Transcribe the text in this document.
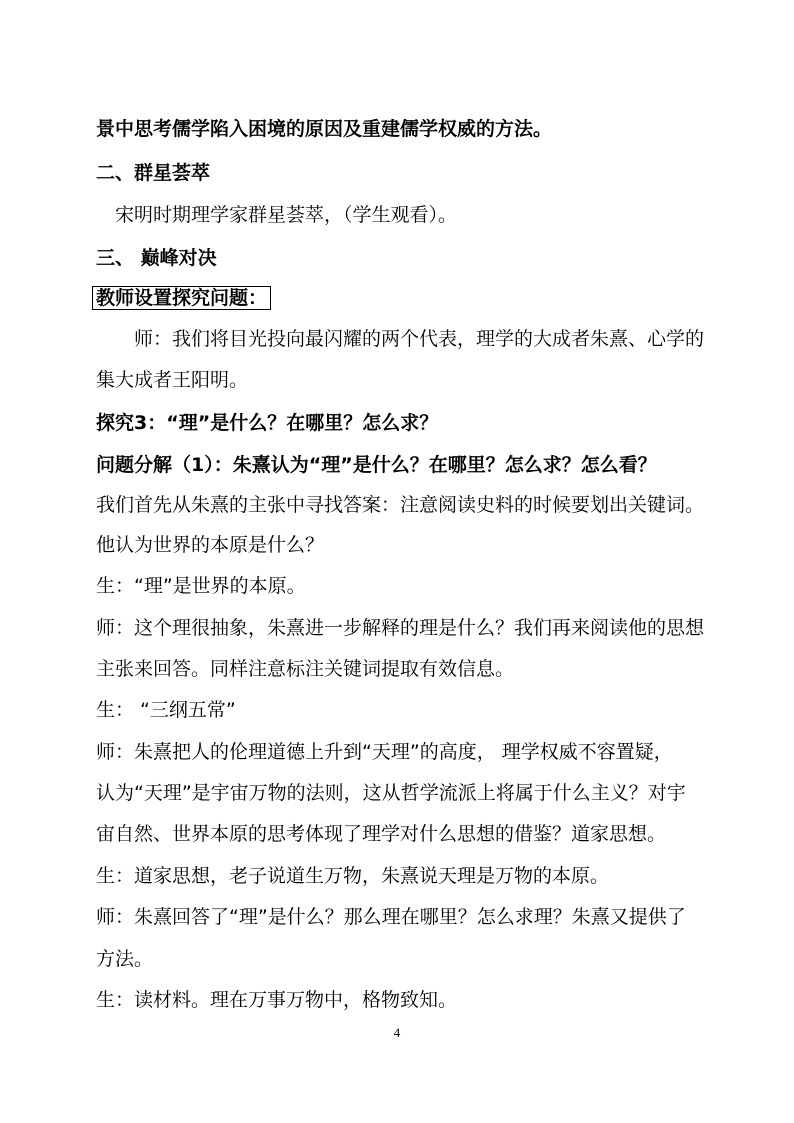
景中思考儒学陷入困境的原因及重建儒学权威的方法。
二、群星荟萃
宋明时期理学家群星荟萃，（学生观看）。
三、 巅峰对决
教师设置探究问题：
师：我们将目光投向最闪耀的两个代表，理学的大成者朱熹、心学的
集大成者王阳明。
探究3：“理”是什么？在哪里？怎么求？
问题分解（1）：朱熹认为“理”是什么？在哪里？怎么求？怎么看？
我们首先从朱熹的主张中寻找答案：注意阅读史料的时候要划出关键词。
他认为世界的本原是什么？
生：“理”是世界的本原。
师：这个理很抽象，朱熹进一步解释的理是什么？我们再来阅读他的思想
主张来回答。同样注意标注关键词提取有效信息。
生： “三纲五常”
师：朱熹把人的伦理道德上升到“天理”的高度， 理学权威不容置疑，
认为“天理”是宇宙万物的法则，这从哲学流派上将属于什么主义？对宇
宙自然、世界本原的思考体现了理学对什么思想的借鉴？道家思想。
生：道家思想，老子说道生万物，朱熹说天理是万物的本原。
师：朱熹回答了“理”是什么？那么理在哪里？怎么求理？朱熹又提供了
方法。
生：读材料。理在万事万物中，格物致知。
4
